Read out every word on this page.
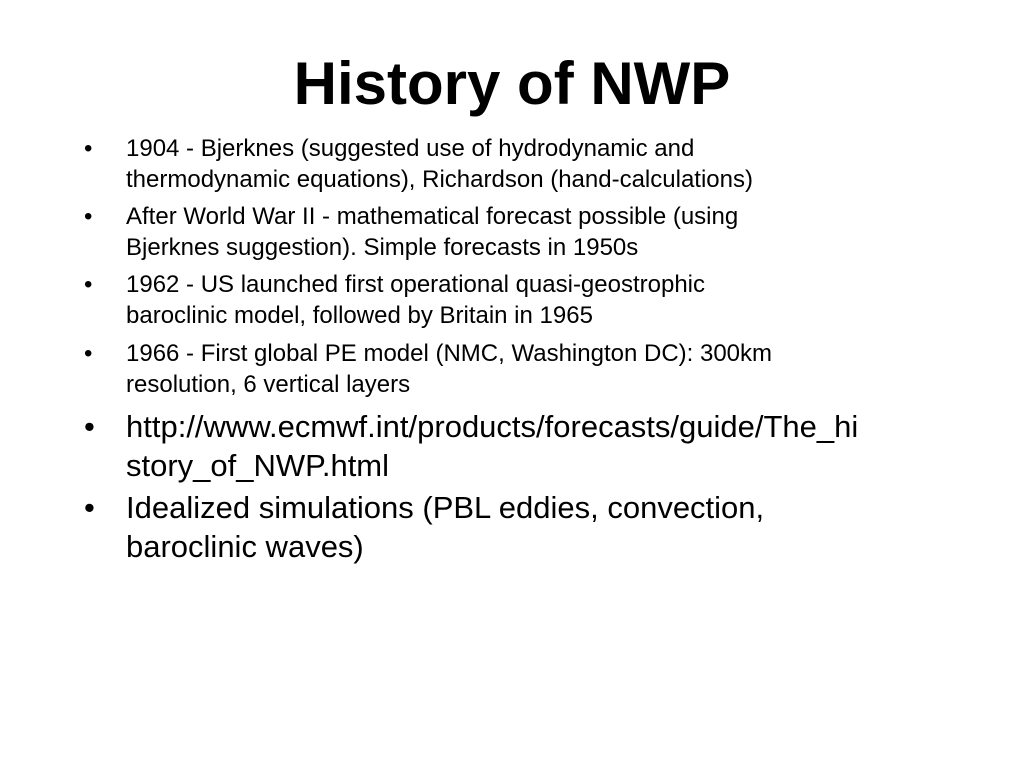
History of NWP
• 1904 - Bjerknes (suggested use of hydrodynamic and
thermodynamic equations), Richardson (hand-calculations)
• After World War II - mathematical forecast possible (using
Bjerknes suggestion). Simple forecasts in 1950s
• 1962 - US launched first operational quasi-geostrophic
baroclinic model, followed by Britain in 1965
• 1966 - First global PE model (NMC, Washington DC): 300km
resolution, 6 vertical layers
• http://www.ecmwf.int/products/forecasts/guide/The_hi
story_of_NWP.html
• Idealized simulations (PBL eddies, convection,
baroclinic waves)
